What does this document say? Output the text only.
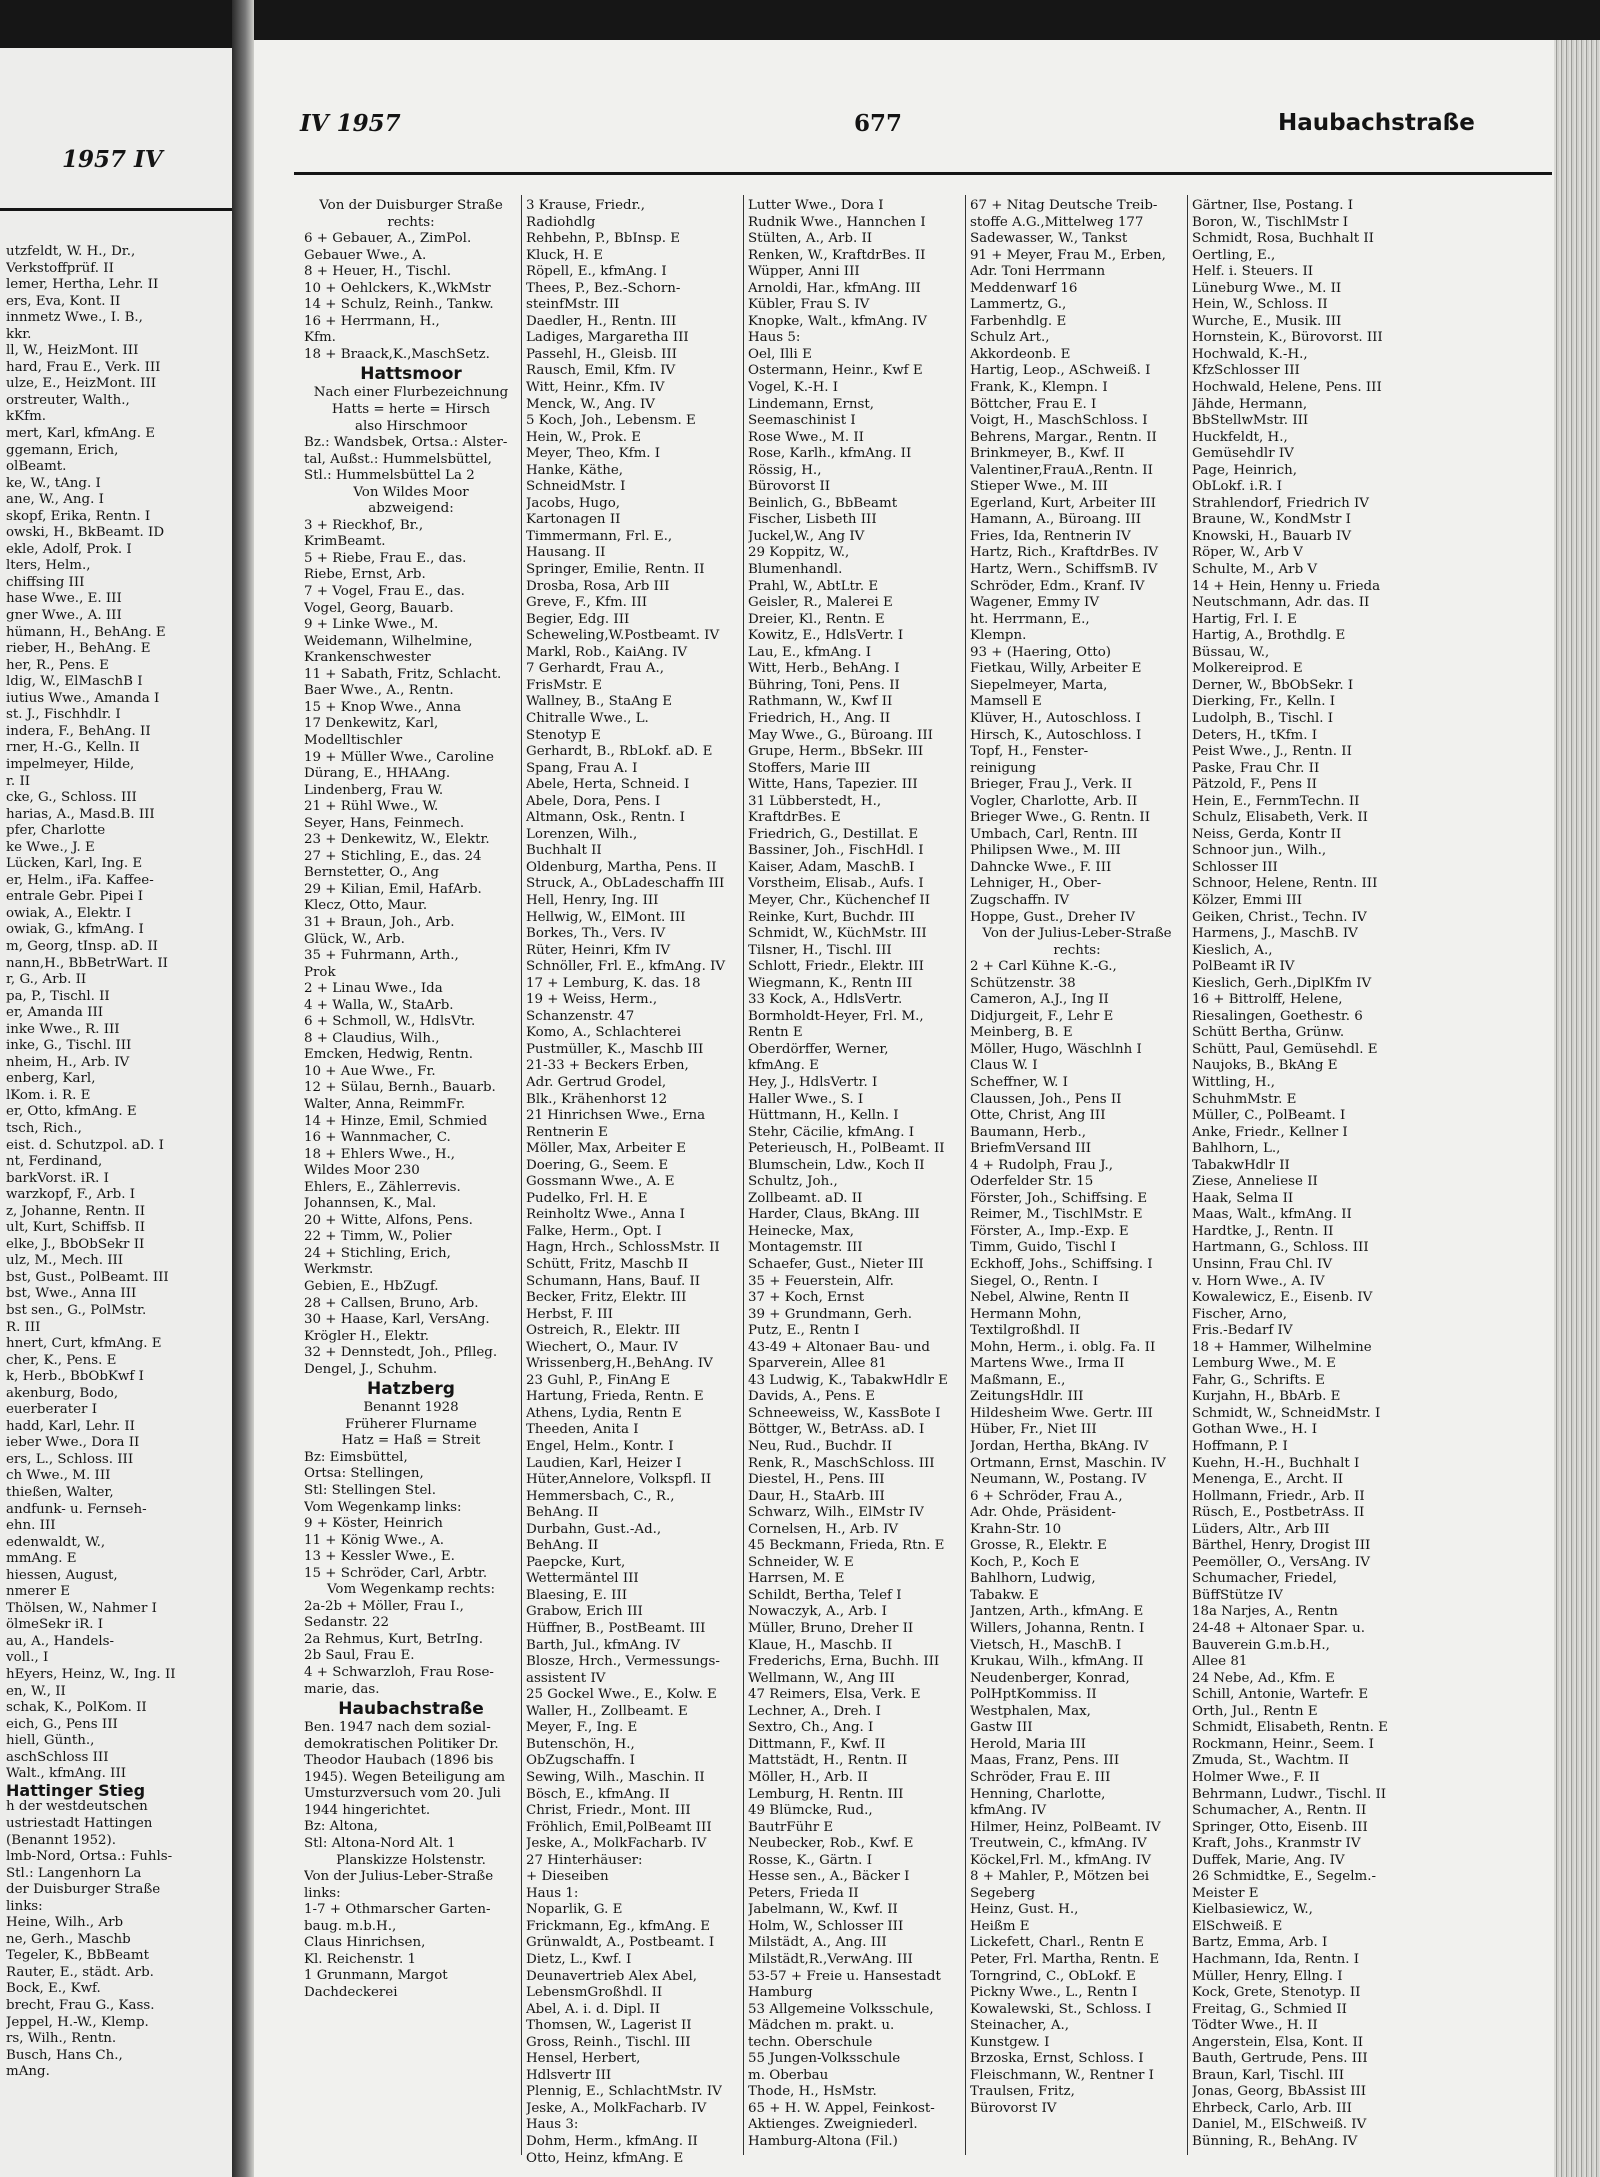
1957 IV
utzfeldt, W. H., Dr.,
Verkstoffprüf. II
lemer, Hertha, Lehr. II
ers, Eva, Kont. II
innmetz Wwe., I. B.,
kkr.
ll, W., HeizMont. III
hard, Frau E., Verk. III
ulze, E., HeizMont. III
orstreuter, Walth.,
kKfm.
mert, Karl, kfmAng. E
ggemann, Erich,
olBeamt.
ke, W., tAng. I
ane, W., Ang. I
skopf, Erika, Rentn. I
owski, H., BkBeamt. ID
ekle, Adolf, Prok. I
lters, Helm.,
chiffsing III
hase Wwe., E. III
gner Wwe., A. III
hümann, H., BehAng. E
rieber, H., BehAng. E
her, R., Pens. E
ldig, W., ElMaschB I
iutius Wwe., Amanda I
st. J., Fischhdlr. I
indera, F., BehAng. II
rner, H.-G., Kelln. II
impelmeyer, Hilde,
r. II
cke, G., Schloss. III
harias, A., Masd.B. III
pfer, Charlotte
ke Wwe., J. E
Lücken, Karl, Ing. E
er, Helm., iFa. Kaffee-
entrale Gebr. Pipei I
owiak, A., Elektr. I
owiak, G., kfmAng. I
m, Georg, tInsp. aD. II
nann,H., BbBetrWart. II
r, G., Arb. II
pa, P., Tischl. II
er, Amanda III
inke Wwe., R. III
inke, G., Tischl. III
nheim, H., Arb. IV
enberg, Karl,
lKom. i. R. E
er, Otto, kfmAng. E
tsch, Rich.,
eist. d. Schutzpol. aD. I
nt, Ferdinand,
barkVorst. iR. I
warzkopf, F., Arb. I
z, Johanne, Rentn. II
ult, Kurt, Schiffsb. II
elke, J., BbObSekr II
ulz, M., Mech. III
bst, Gust., PolBeamt. III
bst, Wwe., Anna III
bst sen., G., PolMstr.
R. III
hnert, Curt, kfmAng. E
cher, K., Pens. E
k, Herb., BbObKwf I
akenburg, Bodo,
euerberater I
hadd, Karl, Lehr. II
ieber Wwe., Dora II
ers, L., Schloss. III
ch Wwe., M. III
thießen, Walter,
andfunk- u. Fernseh-
ehn. III
edenwaldt, W.,
mmAng. E
hiessen, August,
nmerer E
Thölsen, W., Nahmer I
ölmeSekr iR. I
au, A., Handels-
voll., I
hEyers, Heinz, W., Ing. II
en, W., II
schak, K., PolKom. II
eich, G., Pens III
hiell, Günth.,
aschSchloss III
Walt., kfmAng. III
Hattinger Stieg
h der westdeutschen
ustriestadt Hattingen
(Benannt 1952).
lmb-Nord, Ortsa.: Fuhls-
Stl.: Langenhorn La
der Duisburger Straße
links:
Heine, Wilh., Arb
ne, Gerh., Maschb
Tegeler, K., BbBeamt
Rauter, E., städt. Arb.
Bock, E., Kwf.
brecht, Frau G., Kass.
Jeppel, H.-W., Klemp.
rs, Wilh., Rentn.
Busch, Hans Ch.,
mAng.
IV 1957	677	Haubachstraße
Von der Duisburger Straße
rechts:
6 + Gebauer, A., ZimPol.
Gebauer Wwe., A.
8 + Heuer, H., Tischl.
10 + Oehlckers, K.,WkMstr
14 + Schulz, Reinh., Tankw.
16 + Herrmann, H.,
Kfm.
18 + Braack,K.,MaschSetz.
Hattsmoor
Nach einer Flurbezeichnung
Hatts = herte = Hirsch
also Hirschmoor
Bz.: Wandsbek, Ortsa.: Alster-
tal, Außst.: Hummelsbüttel,
Stl.: Hummelsbüttel La 2
Von Wildes Moor
abzweigend:
3 + Rieckhof, Br.,
KrimBeamt.
5 + Riebe, Frau E., das.
Riebe, Ernst, Arb.
7 + Vogel, Frau E., das.
Vogel, Georg, Bauarb.
9 + Linke Wwe., M.
Weidemann, Wilhelmine,
Krankenschwester
11 + Sabath, Fritz, Schlacht.
Baer Wwe., A., Rentn.
15 + Knop Wwe., Anna
17 Denkewitz, Karl,
Modelltischler
19 + Müller Wwe., Caroline
Dürang, E., HHAAng.
Lindenberg, Frau W.
21 + Rühl Wwe., W.
Seyer, Hans, Feinmech.
23 + Denkewitz, W., Elektr.
27 + Stichling, E., das. 24
Bernstetter, O., Ang
29 + Kilian, Emil, HafArb.
Klecz, Otto, Maur.
31 + Braun, Joh., Arb.
Glück, W., Arb.
35 + Fuhrmann, Arth.,
Prok
2 + Linau Wwe., Ida
4 + Walla, W., StaArb.
6 + Schmoll, W., HdlsVtr.
8 + Claudius, Wilh.,
Emcken, Hedwig, Rentn.
10 + Aue Wwe., Fr.
12 + Sülau, Bernh., Bauarb.
Walter, Anna, ReimmFr.
14 + Hinze, Emil, Schmied
16 + Wannmacher, C.
18 + Ehlers Wwe., H.,
Wildes Moor 230
Ehlers, E., Zählerrevis.
Johannsen, K., Mal.
20 + Witte, Alfons, Pens.
22 + Timm, W., Polier
24 + Stichling, Erich,
Werkmstr.
Gebien, E., HbZugf.
28 + Callsen, Bruno, Arb.
30 + Haase, Karl, VersAng.
Krögler H., Elektr.
32 + Dennstedt, Joh., Pflleg.
Dengel, J., Schuhm.
Hatzberg
Benannt 1928
Früherer Flurname
Hatz = Haß = Streit
Bz: Eimsbüttel,
Ortsa: Stellingen,
Stl: Stellingen Stel.
Vom Wegenkamp links:
9 + Köster, Heinrich
11 + König Wwe., A.
13 + Kessler Wwe., E.
15 + Schröder, Carl, Arbtr.
Vom Wegenkamp rechts:
2a-2b + Möller, Frau I.,
Sedanstr. 22
2a Rehmus, Kurt, BetrIng.
2b Saul, Frau E.
4 + Schwarzloh, Frau Rose-
marie, das.
Haubachstraße
Ben. 1947 nach dem sozial-
demokratischen Politiker Dr.
Theodor Haubach (1896 bis
1945). Wegen Beteiligung am
Umsturzversuch vom 20. Juli
1944 hingerichtet.
Bz: Altona,
Stl: Altona-Nord Alt. 1
Planskizze Holstenstr.
Von der Julius-Leber-Straße
links:
1-7 + Othmarscher Garten-
baug. m.b.H.,
Claus Hinrichsen,
Kl. Reichenstr. 1
1 Grunmann, Margot
Dachdeckerei
3 Krause, Friedr.,
Radiohdlg
Rehbehn, P., BbInsp. E
Kluck, H. E
Röpell, E., kfmAng. I
Thees, P., Bez.-Schorn-
steinfMstr. III
Daedler, H., Rentn. III
Ladiges, Margaretha III
Passehl, H., Gleisb. III
Rausch, Emil, Kfm. IV
Witt, Heinr., Kfm. IV
Menck, W., Ang. IV
5 Koch, Joh., Lebensm. E
Hein, W., Prok. E
Meyer, Theo, Kfm. I
Hanke, Käthe,
SchneidMstr. I
Jacobs, Hugo,
Kartonagen II
Timmermann, Frl. E.,
Hausang. II
Springer, Emilie, Rentn. II
Drosba, Rosa, Arb III
Greve, F., Kfm. III
Begier, Edg. III
Scheweling,W.Postbeamt. IV
Markl, Rob., KaiAng. IV
7 Gerhardt, Frau A.,
FrisMstr. E
Wallney, B., StaAng E
Chitralle Wwe., L.
Stenotyp E
Gerhardt, B., RbLokf. aD. E
Spang, Frau A. I
Abele, Herta, Schneid. I
Abele, Dora, Pens. I
Altmann, Osk., Rentn. I
Lorenzen, Wilh.,
Buchhalt II
Oldenburg, Martha, Pens. II
Struck, A., ObLadeschaffn III
Hell, Henry, Ing. III
Hellwig, W., ElMont. III
Borkes, Th., Vers. IV
Rüter, Heinri, Kfm IV
Schnöller, Frl. E., kfmAng. IV
17 + Lemburg, K. das. 18
19 + Weiss, Herm.,
Schanzenstr. 47
Komo, A., Schlachterei
Pustmüller, K., Maschb III
21-33 + Beckers Erben,
Adr. Gertrud Grodel,
Blk., Krähenhorst 12
21 Hinrichsen Wwe., Erna
Rentnerin E
Möller, Max, Arbeiter E
Doering, G., Seem. E
Gossmann Wwe., A. E
Pudelko, Frl. H. E
Reinholtz Wwe., Anna I
Falke, Herm., Opt. I
Hagn, Hrch., SchlossMstr. II
Schütt, Fritz, Maschb II
Schumann, Hans, Bauf. II
Becker, Fritz, Elektr. III
Herbst, F. III
Ostreich, R., Elektr. III
Wiechert, O., Maur. IV
Wrissenberg,H.,BehAng. IV
23 Guhl, P., FinAng E
Hartung, Frieda, Rentn. E
Athens, Lydia, Rentn E
Theeden, Anita I
Engel, Helm., Kontr. I
Laudien, Karl, Heizer I
Hüter,Annelore, Volkspfl. II
Hemmersbach, C., R.,
BehAng. II
Durbahn, Gust.-Ad.,
BehAng. II
Paepcke, Kurt,
Wettermäntel III
Blaesing, E. III
Grabow, Erich III
Hüffner, B., PostBeamt. III
Barth, Jul., kfmAng. IV
Blosze, Hrch., Vermessungs-
assistent IV
25 Gockel Wwe., E., Kolw. E
Waller, H., Zollbeamt. E
Meyer, F., Ing. E
Butenschön, H.,
ObZugschaffn. I
Sewing, Wilh., Maschin. II
Bösch, E., kfmAng. II
Christ, Friedr., Mont. III
Fröhlich, Emil,PolBeamt III
Jeske, A., MolkFacharb. IV
27 Hinterhäuser:
+ Dieseiben
Haus 1:
Noparlik, G. E
Frickmann, Eg., kfmAng. E
Grünwaldt, A., Postbeamt. I
Dietz, L., Kwf. I
Deunavertrieb Alex Abel,
LebensmGroßhdl. II
Abel, A. i. d. Dipl. II
Thomsen, W., Lagerist II
Gross, Reinh., Tischl. III
Hensel, Herbert,
Hdlsvertr III
Plennig, E., SchlachtMstr. IV
Jeske, A., MolkFacharb. IV
Haus 3:
Dohm, Herm., kfmAng. II
Otto, Heinz, kfmAng. E
Lutter Wwe., Dora I
Rudnik Wwe., Hannchen I
Stülten, A., Arb. II
Renken, W., KraftdrBes. II
Wüpper, Anni III
Arnoldi, Har., kfmAng. III
Kübler, Frau S. IV
Knopke, Walt., kfmAng. IV
Haus 5:
Oel, Illi E
Ostermann, Heinr., Kwf E
Vogel, K.-H. I
Lindemann, Ernst,
Seemaschinist I
Rose Wwe., M. II
Rose, Karlh., kfmAng. II
Rössig, H.,
Bürovorst II
Beinlich, G., BbBeamt
Fischer, Lisbeth III
Juckel,W., Ang IV
29 Koppitz, W.,
Blumenhandl.
Prahl, W., AbtLtr. E
Geisler, R., Malerei E
Dreier, Kl., Rentn. E
Kowitz, E., HdlsVertr. I
Lau, E., kfmAng. I
Witt, Herb., BehAng. I
Bühring, Toni, Pens. II
Rathmann, W., Kwf II
Friedrich, H., Ang. II
May Wwe., G., Büroang. III
Grupe, Herm., BbSekr. III
Stoffers, Marie III
Witte, Hans, Tapezier. III
31 Lübberstedt, H.,
KraftdrBes. E
Friedrich, G., Destillat. E
Bassiner, Joh., FischHdl. I
Kaiser, Adam, MaschB. I
Vorstheim, Elisab., Aufs. I
Meyer, Chr., Küchenchef II
Reinke, Kurt, Buchdr. III
Schmidt, W., KüchMstr. III
Tilsner, H., Tischl. III
Schlott, Friedr., Elektr. III
Wiegmann, K., Rentn III
33 Kock, A., HdlsVertr.
Bormholdt-Heyer, Frl. M.,
Rentn E
Oberdörffer, Werner,
kfmAng. E
Hey, J., HdlsVertr. I
Haller Wwe., S. I
Hüttmann, H., Kelln. I
Stehr, Cäcilie, kfmAng. I
Peterieusch, H., PolBeamt. II
Blumschein, Ldw., Koch II
Schultz, Joh.,
Zollbeamt. aD. II
Harder, Claus, BkAng. III
Heinecke, Max,
Montagemstr. III
Schaefer, Gust., Nieter III
35 + Feuerstein, Alfr.
37 + Koch, Ernst
39 + Grundmann, Gerh.
Putz, E., Rentn I
43-49 + Altonaer Bau- und
Sparverein, Allee 81
43 Ludwig, K., TabakwHdlr E
Davids, A., Pens. E
Schneeweiss, W., KassBote I
Böttger, W., BetrAss. aD. I
Neu, Rud., Buchdr. II
Renk, R., MaschSchloss. III
Diestel, H., Pens. III
Daur, H., StaArb. III
Schwarz, Wilh., ElMstr IV
Cornelsen, H., Arb. IV
45 Beckmann, Frieda, Rtn. E
Schneider, W. E
Harrsen, M. E
Schildt, Bertha, Telef I
Nowaczyk, A., Arb. I
Müller, Bruno, Dreher II
Klaue, H., Maschb. II
Frederichs, Erna, Buchh. III
Wellmann, W., Ang III
47 Reimers, Elsa, Verk. E
Lechner, A., Dreh. I
Sextro, Ch., Ang. I
Dittmann, F., Kwf. II
Mattstädt, H., Rentn. II
Möller, H., Arb. II
Lemburg, H. Rentn. III
49 Blümcke, Rud.,
BautrFühr E
Neubecker, Rob., Kwf. E
Rosse, K., Gärtn. I
Hesse sen., A., Bäcker I
Peters, Frieda II
Jabelmann, W., Kwf. II
Holm, W., Schlosser III
Milstädt, A., Ang. III
Milstädt,R.,VerwAng. III
53-57 + Freie u. Hansestadt
Hamburg
53 Allgemeine Volksschule,
Mädchen m. prakt. u.
techn. Oberschule
55 Jungen-Volksschule
m. Oberbau
Thode, H., HsMstr.
65 + H. W. Appel, Feinkost-
Aktienges. Zweigniederl.
Hamburg-Altona (Fil.)
67 + Nitag Deutsche Treib-
stoffe A.G.,Mittelweg 177
Sadewasser, W., Tankst
91 + Meyer, Frau M., Erben,
Adr. Toni Herrmann
Meddenwarf 16
Lammertz, G.,
Farbenhdlg. E
Schulz Art.,
Akkordeonb. E
Hartig, Leop., ASchweiß. I
Frank, K., Klempn. I
Böttcher, Frau E. I
Voigt, H., MaschSchloss. I
Behrens, Margar., Rentn. II
Brinkmeyer, B., Kwf. II
Valentiner,FrauA.,Rentn. II
Stieper Wwe., M. III
Egerland, Kurt, Arbeiter III
Hamann, A., Büroang. III
Fries, Ida, Rentnerin IV
Hartz, Rich., KraftdrBes. IV
Hartz, Wern., SchiffsmB. IV
Schröder, Edm., Kranf. IV
Wagener, Emmy IV
ht. Herrmann, E.,
Klempn.
93 + (Haering, Otto)
Fietkau, Willy, Arbeiter E
Siepelmeyer, Marta,
Mamsell E
Klüver, H., Autoschloss. I
Hirsch, K., Autoschloss. I
Topf, H., Fenster-
reinigung
Brieger, Frau J., Verk. II
Vogler, Charlotte, Arb. II
Brieger Wwe., G. Rentn. II
Umbach, Carl, Rentn. III
Philipsen Wwe., M. III
Dahncke Wwe., F. III
Lehniger, H., Ober-
Zugschaffn. IV
Hoppe, Gust., Dreher IV
Von der Julius-Leber-Straße
rechts:
2 + Carl Kühne K.-G.,
Schützenstr. 38
Cameron, A.J., Ing II
Didjurgeit, F., Lehr E
Meinberg, B. E
Möller, Hugo, Wäschlnh I
Claus W. I
Scheffner, W. I
Claussen, Joh., Pens II
Otte, Christ, Ang III
Baumann, Herb.,
BriefmVersand III
4 + Rudolph, Frau J.,
Oderfelder Str. 15
Förster, Joh., Schiffsing. E
Reimer, M., TischlMstr. E
Förster, A., Imp.-Exp. E
Timm, Guido, Tischl I
Eckhoff, Johs., Schiffsing. I
Siegel, O., Rentn. I
Nebel, Alwine, Rentn II
Hermann Mohn,
Textilgroßhdl. II
Mohn, Herm., i. oblg. Fa. II
Martens Wwe., Irma II
Maßmann, E.,
ZeitungsHdlr. III
Hildesheim Wwe. Gertr. III
Hüber, Fr., Niet III
Jordan, Hertha, BkAng. IV
Ortmann, Ernst, Maschin. IV
Neumann, W., Postang. IV
6 + Schröder, Frau A.,
Adr. Ohde, Präsident-
Krahn-Str. 10
Grosse, R., Elektr. E
Koch, P., Koch E
Bahlhorn, Ludwig,
Tabakw. E
Jantzen, Arth., kfmAng. E
Willers, Johanna, Rentn. I
Vietsch, H., MaschB. I
Krukau, Wilh., kfmAng. II
Neudenberger, Konrad,
PolHptKommiss. II
Westphalen, Max,
Gastw III
Herold, Maria III
Maas, Franz, Pens. III
Schröder, Frau E. III
Henning, Charlotte,
kfmAng. IV
Hilmer, Heinz, PolBeamt. IV
Treutwein, C., kfmAng. IV
Köckel,Frl. M., kfmAng. IV
8 + Mahler, P., Mötzen bei
Segeberg
Heinz, Gust. H.,
Heißm E
Lickefett, Charl., Rentn E
Peter, Frl. Martha, Rentn. E
Torngrind, C., ObLokf. E
Pickny Wwe., L., Rentn I
Kowalewski, St., Schloss. I
Steinacher, A.,
Kunstgew. I
Brzoska, Ernst, Schloss. I
Fleischmann, W., Rentner I
Traulsen, Fritz,
Bürovorst IV
Gärtner, Ilse, Postang. I
Boron, W., TischlMstr I
Schmidt, Rosa, Buchhalt II
Oertling, E.,
Helf. i. Steuers. II
Lüneburg Wwe., M. II
Hein, W., Schloss. II
Wurche, E., Musik. III
Hornstein, K., Bürovorst. III
Hochwald, K.-H.,
KfzSchlosser III
Hochwald, Helene, Pens. III
Jähde, Hermann,
BbStellwMstr. III
Huckfeldt, H.,
Gemüsehdlr IV
Page, Heinrich,
ObLokf. i.R. I
Strahlendorf, Friedrich IV
Braune, W., KondMstr I
Knowski, H., Bauarb IV
Röper, W., Arb V
Schulte, M., Arb V
14 + Hein, Henny u. Frieda
Neutschmann, Adr. das. II
Hartig, Frl. I. E
Hartig, A., Brothdlg. E
Büssau, W.,
Molkereiprod. E
Derner, W., BbObSekr. I
Dierking, Fr., Kelln. I
Ludolph, B., Tischl. I
Deters, H., tKfm. I
Peist Wwe., J., Rentn. II
Paske, Frau Chr. II
Pätzold, F., Pens II
Hein, E., FernmTechn. II
Schulz, Elisabeth, Verk. II
Neiss, Gerda, Kontr II
Schnoor jun., Wilh.,
Schlosser III
Schnoor, Helene, Rentn. III
Kölzer, Emmi III
Geiken, Christ., Techn. IV
Harmens, J., MaschB. IV
Kieslich, A.,
PolBeamt iR IV
Kieslich, Gerh.,DiplKfm IV
16 + Bittrolff, Helene,
Riesalingen, Goethestr. 6
Schütt Bertha, Grünw.
Schütt, Paul, Gemüsehdl. E
Naujoks, B., BkAng E
Wittling, H.,
SchuhmMstr. E
Müller, C., PolBeamt. I
Anke, Friedr., Kellner I
Bahlhorn, L.,
TabakwHdlr II
Ziese, Anneliese II
Haak, Selma II
Maas, Walt., kfmAng. II
Hardtke, J., Rentn. II
Hartmann, G., Schloss. III
Unsinn, Frau Chl. IV
v. Horn Wwe., A. IV
Kowalewicz, E., Eisenb. IV
Fischer, Arno,
Fris.-Bedarf IV
18 + Hammer, Wilhelmine
Lemburg Wwe., M. E
Fahr, G., Schrifts. E
Kurjahn, H., BbArb. E
Schmidt, W., SchneidMstr. I
Gothan Wwe., H. I
Hoffmann, P. I
Kuehn, H.-H., Buchhalt I
Menenga, E., Archt. II
Hollmann, Friedr., Arb. II
Rüsch, E., PostbetrAss. II
Lüders, Altr., Arb III
Bärthel, Henry, Drogist III
Peemöller, O., VersAng. IV
Schumacher, Friedel,
BüffStütze IV
18a Narjes, A., Rentn
24-48 + Altonaer Spar. u.
Bauverein G.m.b.H.,
Allee 81
24 Nebe, Ad., Kfm. E
Schill, Antonie, Wartefr. E
Orth, Jul., Rentn E
Schmidt, Elisabeth, Rentn. E
Rockmann, Heinr., Seem. I
Zmuda, St., Wachtm. II
Holmer Wwe., F. II
Behrmann, Ludwr., Tischl. II
Schumacher, A., Rentn. II
Springer, Otto, Eisenb. III
Kraft, Johs., Kranmstr IV
Duffek, Marie, Ang. IV
26 Schmidtke, E., Segelm.-
Meister E
Kielbasiewicz, W.,
ElSchweiß. E
Bartz, Emma, Arb. I
Hachmann, Ida, Rentn. I
Müller, Henry, Ellng. I
Kock, Grete, Stenotyp. II
Freitag, G., Schmied II
Tödter Wwe., H. II
Angerstein, Elsa, Kont. II
Bauth, Gertrude, Pens. III
Braun, Karl, Tischl. III
Jonas, Georg, BbAssist III
Ehrbeck, Carlo, Arb. III
Daniel, M., ElSchweiß. IV
Bünning, R., BehAng. IV
